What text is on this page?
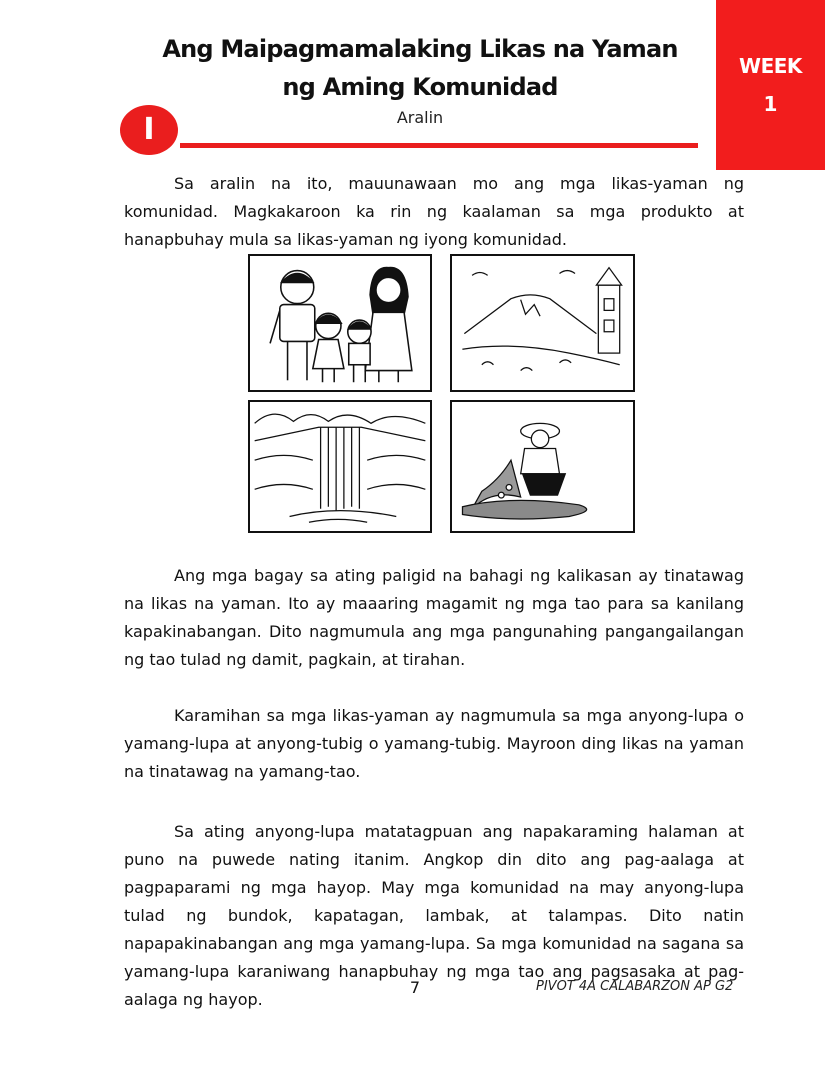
Ang Maipagmamalaking Likas na Yaman
ng Aming Komunidad
Aralin
I
WEEK
1

Sa aralin na ito, mauunawaan mo ang mga likas-yaman ng komunidad. Magkakaroon ka rin ng kaalaman sa mga produkto at hanapbuhay mula sa likas-yaman ng iyong komunidad.

Ang mga bagay sa ating paligid na bahagi ng kalikasan ay tinatawag na likas na yaman. Ito ay maaaring magamit ng mga tao para sa kanilang kapakinabangan. Dito nagmumula ang mga pangunahing pangangailangan ng tao tulad ng damit, pagkain, at tirahan.

Karamihan sa mga likas-yaman ay nagmumula sa mga anyong-lupa o yamang-lupa at anyong-tubig o yamang-tubig. Mayroon ding likas na yaman na tinatawag na yamang-tao.

Sa ating anyong-lupa matatagpuan ang napakaraming halaman at puno na puwede nating itanim. Angkop din dito ang pag-aalaga at pagpaparami ng mga hayop. May mga komunidad na may anyong-lupa tulad ng bundok, kapatagan, lambak, at talampas. Dito natin napapakinabangan ang mga yamang-lupa. Sa mga komunidad na sagana sa yamang-lupa karaniwang hanapbuhay ng mga tao ang pagsasaka at pag-aalaga ng hayop.

7	PIVOT 4A CALABARZON AP G2
